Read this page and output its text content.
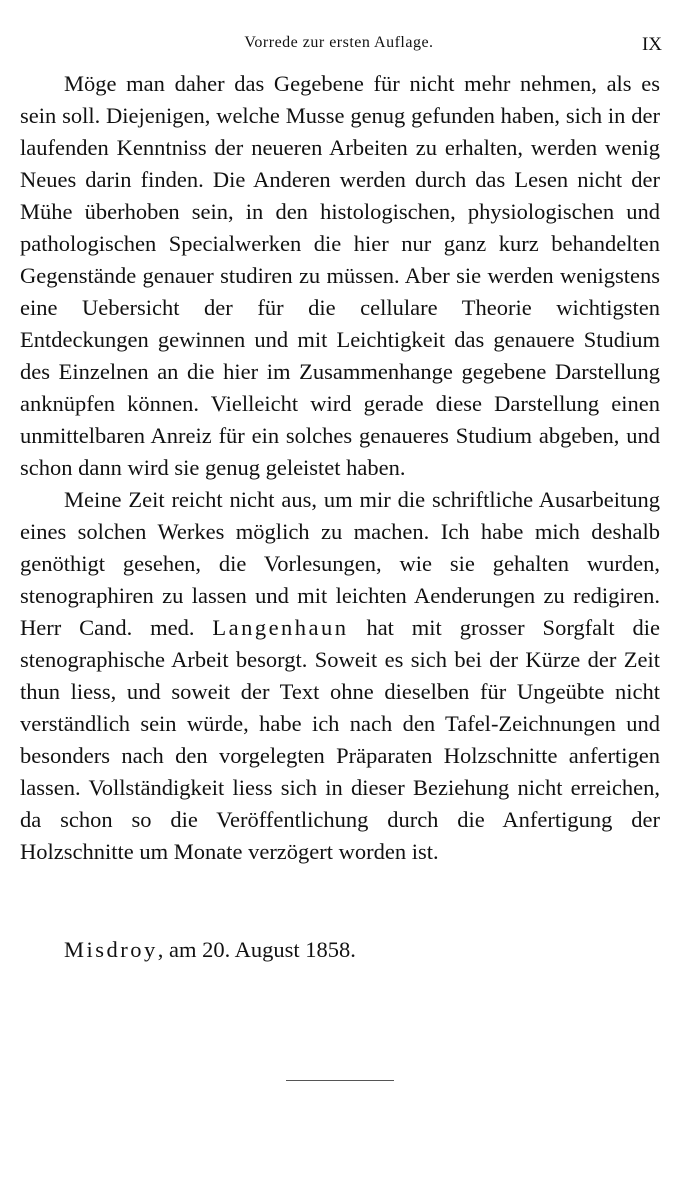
Vorrede zur ersten Auflage.	IX

Möge man daher das Gegebene für nicht mehr nehmen, als es sein soll. Diejenigen, welche Musse genug gefunden haben, sich in der laufenden Kenntniss der neueren Arbeiten zu erhalten, werden wenig Neues darin finden. Die Anderen werden durch das Lesen nicht der Mühe überhoben sein, in den histologischen, physiologischen und pathologischen Specialwerken die hier nur ganz kurz behandelten Gegenstände genauer studiren zu müssen. Aber sie werden wenigstens eine Uebersicht der für die cellulare Theorie wichtigsten Entdeckungen gewinnen und mit Leichtigkeit das genauere Studium des Einzelnen an die hier im Zusammenhange gegebene Darstellung anknüpfen können. Vielleicht wird gerade diese Darstellung einen unmittelbaren Anreiz für ein solches genaueres Studium abgeben, und schon dann wird sie genug geleistet haben.

Meine Zeit reicht nicht aus, um mir die schriftliche Ausarbeitung eines solchen Werkes möglich zu machen. Ich habe mich deshalb genöthigt gesehen, die Vorlesungen, wie sie gehalten wurden, stenographiren zu lassen und mit leichten Aenderungen zu redigiren. Herr Cand. med. Langenhaun hat mit grosser Sorgfalt die stenographische Arbeit besorgt. Soweit es sich bei der Kürze der Zeit thun liess, und soweit der Text ohne dieselben für Ungeübte nicht verständlich sein würde, habe ich nach den Tafel-Zeichnungen und besonders nach den vorgelegten Präparaten Holzschnitte anfertigen lassen. Vollständigkeit liess sich in dieser Beziehung nicht erreichen, da schon so die Veröffentlichung durch die Anfertigung der Holzschnitte um Monate verzögert worden ist.

Misdroy, am 20. August 1858.
